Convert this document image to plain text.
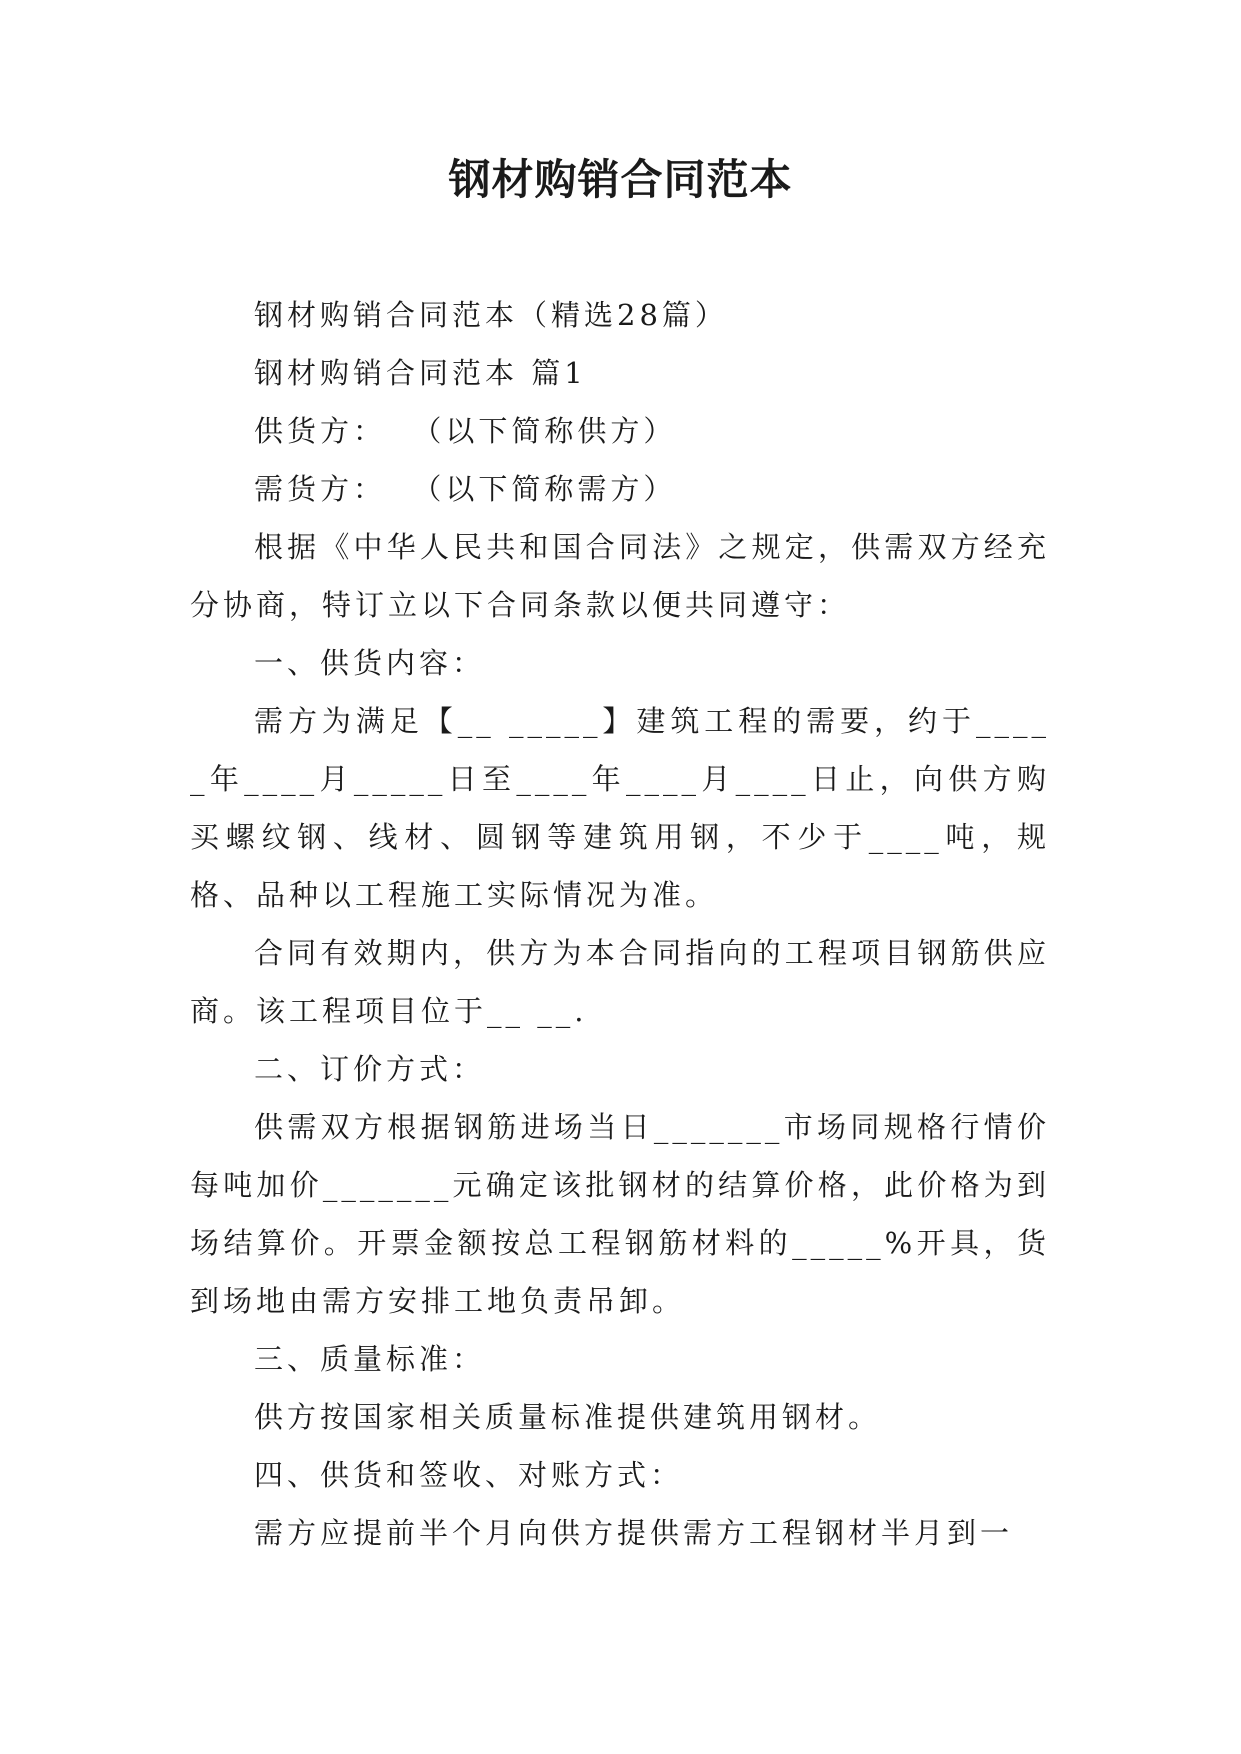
钢材购销合同范本

钢材购销合同范本（精选28篇）

钢材购销合同范本 篇1

供货方：  （以下简称供方）

需货方：  （以下简称需方）

根据《中华人民共和国合同法》之规定，供需双方经充分协商，特订立以下合同条款以便共同遵守：

一、供货内容：

需方为满足【__ _____】建筑工程的需要，约于_____年____月_____日至____年____月____日止，向供方购买螺纹钢、线材、圆钢等建筑用钢，不少于____吨，规格、品种以工程施工实际情况为准。

合同有效期内，供方为本合同指向的工程项目钢筋供应商。该工程项目位于__ __.

二、订价方式：

供需双方根据钢筋进场当日_______市场同规格行情价每吨加价_______元确定该批钢材的结算价格，此价格为到场结算价。开票金额按总工程钢筋材料的_____%开具，货到场地由需方安排工地负责吊卸。

三、质量标准：

供方按国家相关质量标准提供建筑用钢材。

四、供货和签收、对账方式：

需方应提前半个月向供方提供需方工程钢材半月到一
